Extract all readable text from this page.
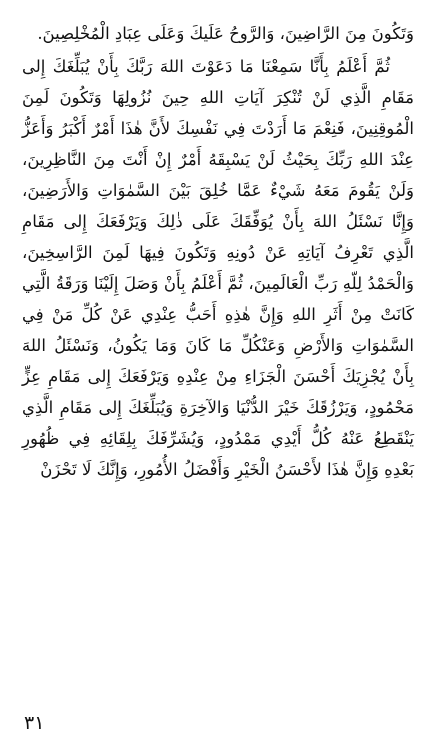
وَتَكُونَ مِنَ الرَّاضِينَ، وَالرَّوحُ عَلَيكَ وَعَلَى عِبَادِ الْمُخْلِصِينَ.

ثُمَّ أَعْلَمُ بِأَنَّا سَمِعْنَا مَا دَعَوْتَ اللهَ رَبَّكَ بِأَنْ يُبَلِّغَكَ إِلى مَقَامِ الَّذِي لَنْ تُنْكِرَ آيَاتِ اللهِ حِينَ نُزُولِهَا وَتَكُونَ لَمِنَ الْمُوقِنِينَ، فَنِعْمَ مَا أَرَدْتَ فِي نَفْسِكَ لأَنَّ هٰذَا أَمْرٌ أَكْبَرُ وَأَعَزُّ عِنْدَ اللهِ رَبِّكَ بِحَيْثُ لَنْ يَسْبِقَهُ أَمْرٌ إِنْ أَنْتَ مِنَ النَّاظِرِينَ، وَلَنْ يَقُومَ مَعَهُ شَيْءٌ عَمَّا خُلِقَ بَيْنَ السَّمٰوَاتِ وَالأَرَضِينَ، وَإِنَّا نَسْئَلُ اللهَ بِأَنْ يُوَفِّقَكَ عَلَى ذٰلِكَ وَيَرْفَعَكَ إِلى مَقَامِ الَّذِي تَعْرِفُ آيَاتِهِ عَنْ دُونِهِ وَتَكُونَ فِيهَا لَمِنَ الرَّاسِخِينَ، وَالْحَمْدُ لِلّهِ رَبِّ الْعَالَمِينَ، ثُمَّ أَعْلَمُ بِأَنْ وَصَلَ إِلَيْنَا وَرَقَةُ الَّتِي كَانَتْ مِنْ أَثَرِ اللهِ وَإِنَّ هٰذِهِ أَحَبُّ عِنْدِي عَنْ كُلِّ مَنْ فِي السَّمٰوَاتِ وَالأَرْضِ وَعَنْكُلِّ مَا كَانَ وَمَا يَكُونُ، وَنَسْئَلُ اللهَ بِأَنْ يُجْزِيَكَ أَحْسَنَ الْجَزَاءِ مِنْ عِنْدِهِ وَيَرْفَعَكَ إِلى مَقَامِ عِزٍّ مَحْمُودٍ، وَيَرْزُقَكَ خَيْرَ الدُّنْيَا وَالآخِرَةِ وَيُبَلِّغَكَ إِلى مَقَامِ الَّذِي يَنْقَطِعُ عَنْهُ كُلُّ أَيْدِي مَمْدُودٍ، وَيُشَرِّفَكَ بِلِقَائِهِ فِي ظُهُورِ بَعْدِهِ وَإِنَّ هٰذَا لأَحْسَنُ الْخَيْرِ وَأَفْضَلُ الأُمُورِ، وَإِنَّكَ لَا تَحْزَنْ

٣١
